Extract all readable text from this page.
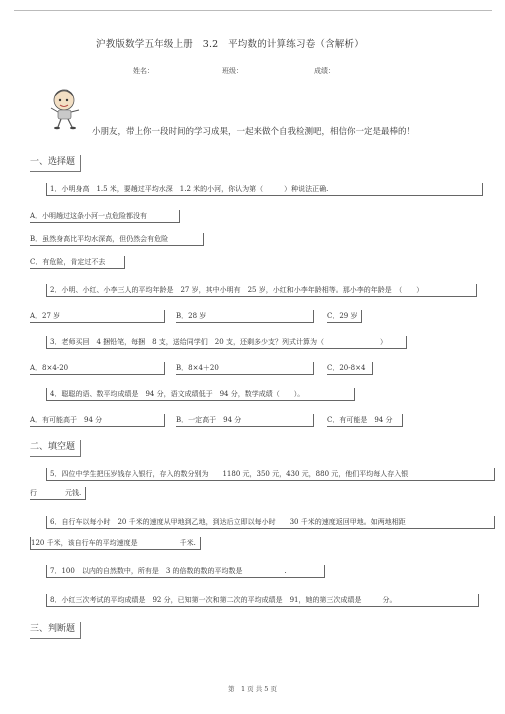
沪教版数学五年级上册　3.2　平均数的计算练习卷（含解析）
姓名：	班级：	成绩：
小朋友，带上你一段时间的学习成果，一起来做个自我检测吧，相信你一定是最棒的！
一、选择题
1．小明身高　1.5 米，要趟过平均水深　1.2 米的小河，你认为第（　　　）种说法正确.
A．小明趟过这条小河一点危险都没有
B．虽然身高比平均水深高，但仍然会有危险
C．有危险，肯定过不去
2．小明、小红、小李三人的平均年龄是　27 岁，其中小明有　25 岁，小红和小李年龄相等。那小李的年龄是　（　　）
A．27 岁	B．28 岁	C．29 岁
3．老师买回　4 捆铅笔，每捆　8 支，送给同学们　20 支，还剩多少支？列式计算为（　　　　　　　　）
A．8×4-20	B．8×4＋20	C．20-8×4
4．聪聪的语、数平均成绩是　94 分，语文成绩低于　94 分，数学成绩（　　）。
A．有可能高于　94 分	B．一定高于　94 分	C．有可能是　94 分
二、填空题
5．四位中学生把压岁钱存入银行，存入的数分别为　　1180 元，350 元，430 元，880 元，他们平均每人存入银
行　　　　元钱.
6．自行车以每小时　20 千米的速度从甲地到乙地，到达后立即以每小时　　30 千米的速度返回甲地。如两地相距
120 千米，该自行车的平均速度是　　　　　　千米.
7．100　以内的自然数中，所有是　3 的倍数的数的平均数是　　　　　　.
8．小红三次考试的平均成绩是　92 分，已知第一次和第二次的平均成绩是　91，她的第三次成绩是　　　分。
三、判断题
第　1 页 共 5 页
